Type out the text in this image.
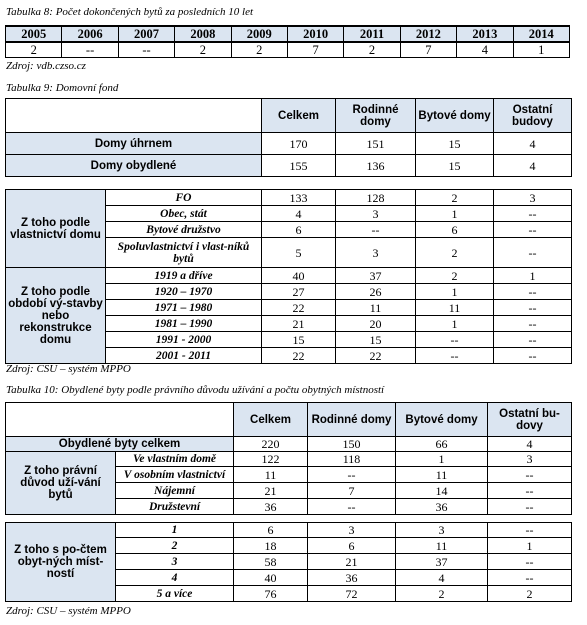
Tabulka 8: Počet dokončených bytů za posledních 10 let
2005	2006	2007	2008	2009	2010	2011	2012	2013	2014
2	--	--	2	2	7	2	7	4	1
Zdroj: vdb.czso.cz
Tabulka 9: Domovní fond
		Celkem	Rodinné domy	Bytové domy	Ostatní budovy
Domy úhrnem		170	151	15	4
Domy obydlené		155	136	15	4

Z toho podle vlastnictví domu	FO	133	128	2	3
	Obec, stát	4	3	1	--
	Bytové družstvo	6	--	6	--
	Spoluvlastnictví i vlast-níků bytů	5	3	2	--
Z toho podle období vý-stavby nebo rekonstrukce domu	1919 a dříve	40	37	2	1
	1920 – 1970	27	26	1	--
	1971 – 1980	22	11	11	--
	1981 – 1990	21	20	1	--
	1991 - 2000	15	15	--	--
	2001 - 2011	22	22	--	--
Zdroj: CSU – systém MPPO
Tabulka 10: Obydlené byty podle právního důvodu užívání a počtu obytných místností
		Celkem	Rodinné domy	Bytové domy	Ostatní bu-dovy
Obydlené byty celkem		220	150	66	4
Z toho právní důvod uží-vání bytů	Ve vlastním domě	122	118	1	3
	V osobním vlastnictví	11	--	11	--
	Nájemní	21	7	14	--
	Družstevní	36	--	36	--

Z toho s po-čtem obyt-ných míst-ností	1	6	3	3	--
	2	18	6	11	1
	3	58	21	37	--
	4	40	36	4	--
	5 a více	76	72	2	2
Zdroj: CSU – systém MPPO
